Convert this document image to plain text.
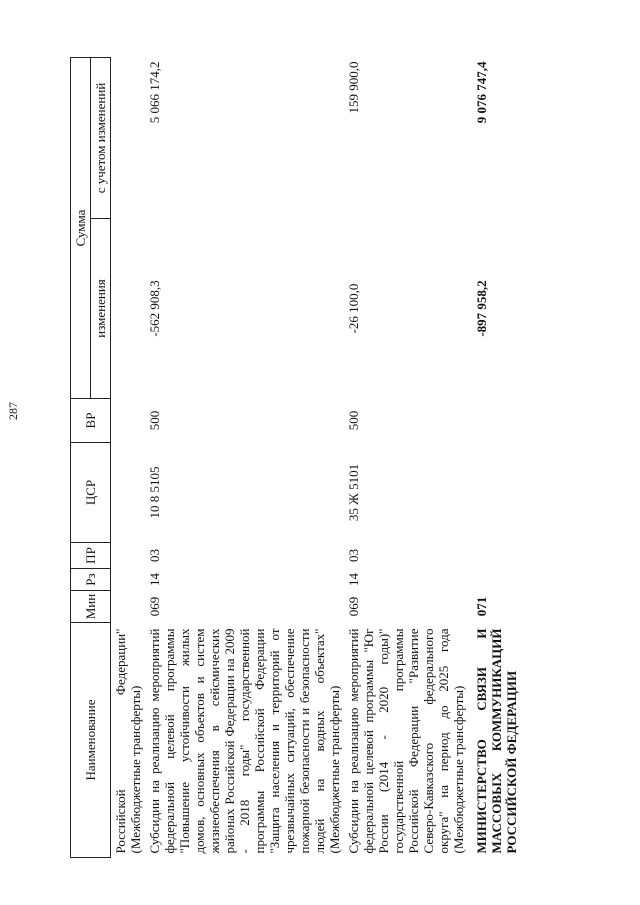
287
Наименование	Мин	Рз	ПР	ЦСР	ВР	Сумма	
						изменения	с учетом изменений
Российской Федерации" (Межбюджетные трансферты)							
Субсидии на реализацию мероприятий федеральной целевой программы "Повышение устойчивости жилых домов, основных объектов и систем жизнеобеспечения в сейсмических районах Российской Федерации на 2009 - 2018 годы" государственной программы Российской Федерации "Защита населения и территорий от чрезвычайных ситуаций, обеспечение пожарной безопасности и безопасности людей на водных объектах" (Межбюджетные трансферты)	069	14	03	10 8 5105	500	-562 908,3	5 066 174,2
Субсидии на реализацию мероприятий федеральной целевой программы "Юг России (2014 - 2020 годы)" государственной программы Российской Федерации "Развитие Северо-Кавказского федерального округа" на период до 2025 года (Межбюджетные трансферты)	069	14	03	35 Ж 5101	500	-26 100,0	159 900,0
МИНИСТЕРСТВО СВЯЗИ И МАССОВЫХ КОММУНИКАЦИЙ РОССИЙСКОЙ ФЕДЕРАЦИИ	071					-897 958,2	9 076 747,4
